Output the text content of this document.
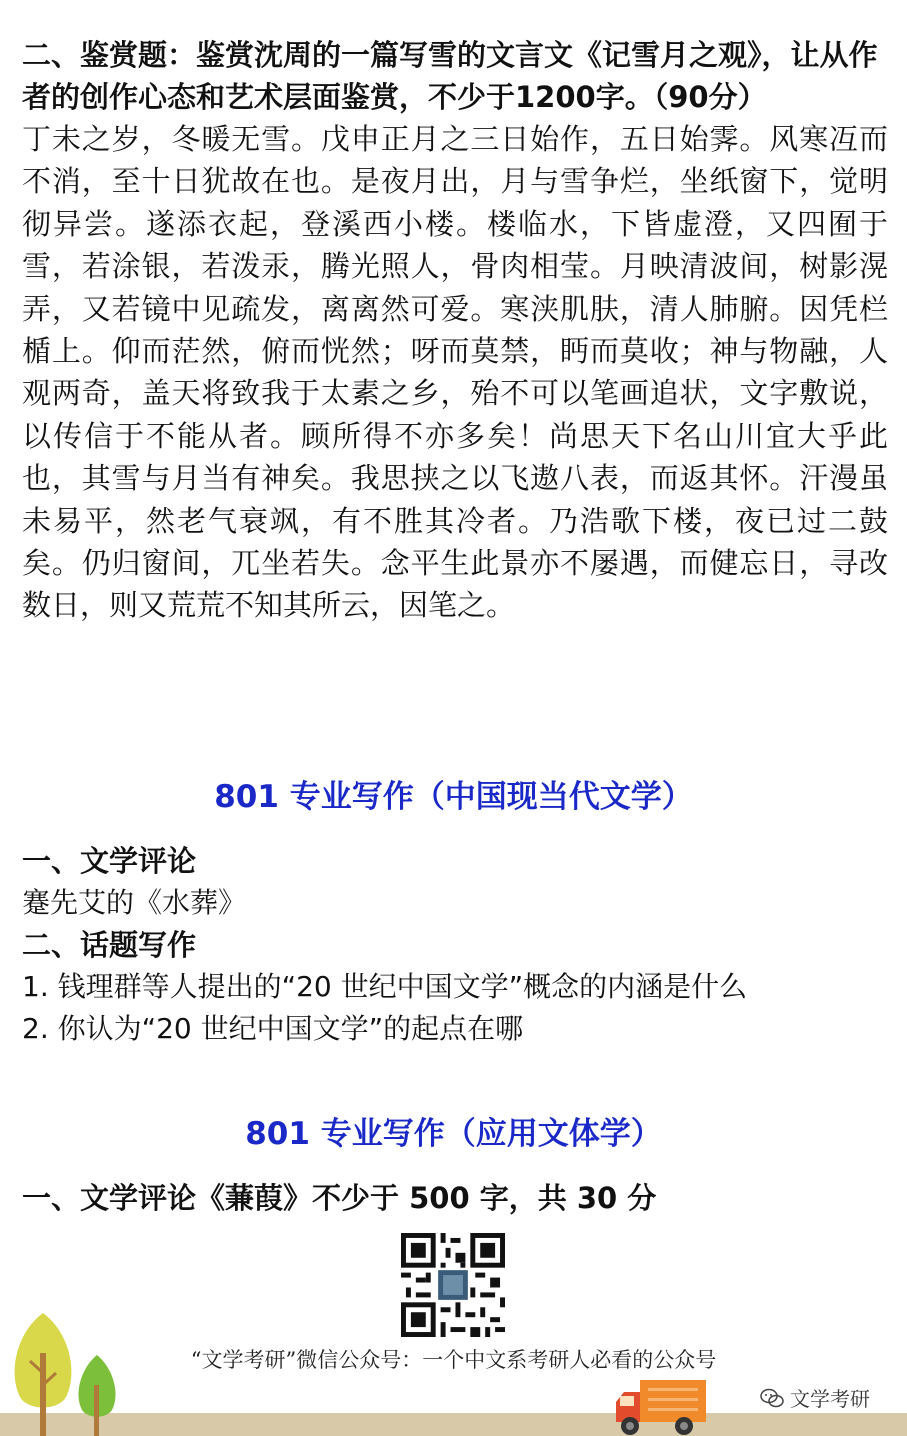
二、鉴赏题：鉴赏沈周的一篇写雪的文言文《记雪月之观》，让从作者的创作心态和艺术层面鉴赏，不少于1200字。（90分）

丁未之岁，冬暖无雪。戊申正月之三日始作，五日始霁。风寒冱而不消，至十日犹故在也。是夜月出，月与雪争烂，坐纸窗下，觉明彻异尝。遂添衣起，登溪西小楼。楼临水，下皆虚澄，又四囿于雪，若涂银，若泼汞，腾光照人，骨肉相莹。月映清波间，树影滉弄，又若镜中见疏发，离离然可爱。寒浃肌肤，清人肺腑。因凭栏楯上。仰而茫然，俯而恍然；呀而莫禁，眄而莫收；神与物融，人观两奇，盖天将致我于太素之乡，殆不可以笔画追状，文字敷说，以传信于不能从者。顾所得不亦多矣！尚思天下名山川宜大乎此也，其雪与月当有神矣。我思挟之以飞遨八表，而返其怀。汗漫虽未易平，然老气衰飒，有不胜其冷者。乃浩歌下楼，夜已过二鼓矣。仍归窗间，兀坐若失。念平生此景亦不屡遇，而健忘日，寻改数日，则又荒荒不知其所云，因笔之。

801 专业写作（中国现当代文学）

一、文学评论

蹇先艾的《水葬》

二、话题写作

1. 钱理群等人提出的“20 世纪中国文学”概念的内涵是什么

2. 你认为“20 世纪中国文学”的起点在哪

801 专业写作（应用文体学）

一、文学评论《蒹葭》不少于 500 字，共 30 分

“文学考研”微信公众号：一个中文系考研人必看的公众号
文学考研
